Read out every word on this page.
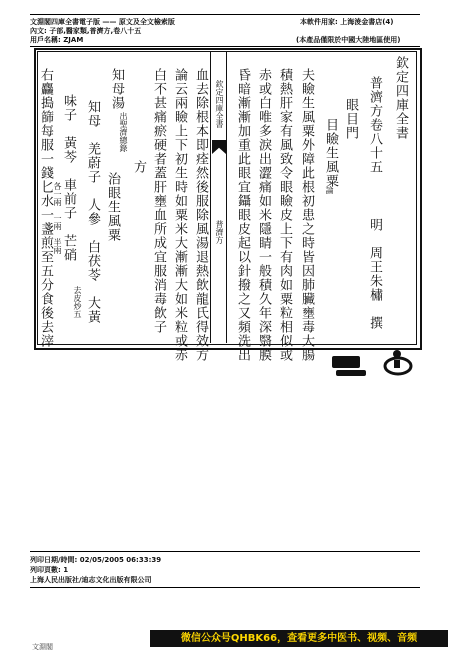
文淵閣四庫全書電子版 —— 原文及全文檢索版
內文: 子部,醫家類,普濟方,卷八十五
用戶名稱: ZJAM
本軟件用家: 上海淩金書店(4)
(本產品僅限於中國大陸地區使用)
欽定四庫全書
普濟方卷八十五
明　周王朱橚　撰
眼目門
目瞼生風粟
論
夫瞼生風粟外障此根初患之時皆因肺臟壅毒大腸
積熱肝家有風致令眼瞼皮上下有肉如粟粒相似或
赤或白唯多淚出澀痛如米隱睛一般積久年深翳膜
昏暗漸漸加重此眼宜鑷眼皮起以針撥之又頻洗出
欽定四庫全書
普濟方
血去除根本即痊然後服除風湯退熱飲龍氏得效方
論云兩瞼上下初生時如粟米大漸漸大如米粒或赤
白不甚痛瘀硬者蓋肝壅血所成宜服消毒飲子
方
知母湯
出聖濟總錄
治眼生風粟
知母　羌蔚子　人參　白茯苓　大黃
去皮炒五
味子　黃芩　車前子　芒硝
各一兩　一兩　半兩
右麤搗篩每服一錢匕水一盞煎至五分食後去滓
列印日期/時間: 02/05/2005 06:33:39
列印頁數: 1
上海人民出版社/迪志文化出版有限公司
文淵閣
微信公众号QHBK66，查看更多中医书、视频、音频
